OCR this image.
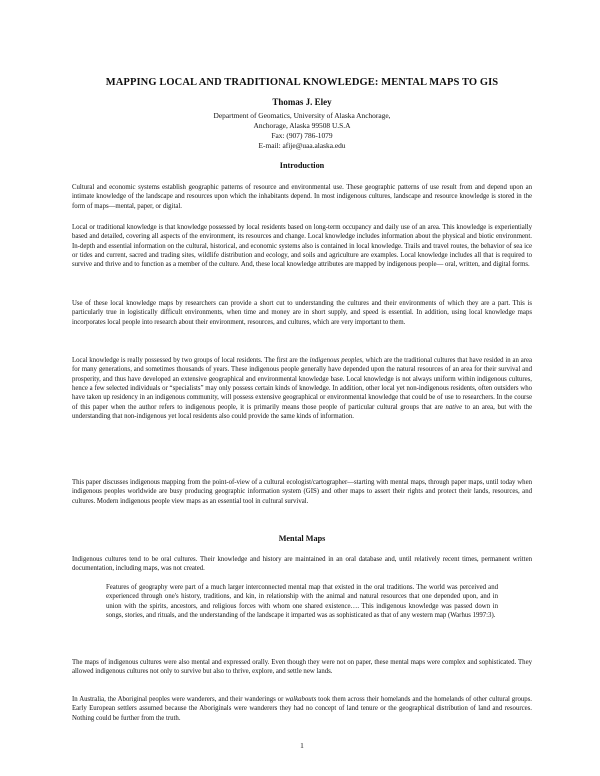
MAPPING LOCAL AND TRADITIONAL KNOWLEDGE: MENTAL MAPS TO GIS
Thomas J. Eley
Department of Geomatics, University of Alaska Anchorage,
Anchorage, Alaska 99508 U.S.A
Fax: (907) 786-1079
E-mail: afije@uaa.alaska.edu
Introduction
Cultural and economic systems establish geographic patterns of resource and environmental use. These geographic patterns of use result from and depend upon an intimate knowledge of the landscape and resources upon which the inhabitants depend. In most indigenous cultures, landscape and resource knowledge is stored in the form of maps—mental, paper, or digital.
Local or traditional knowledge is that knowledge possessed by local residents based on long-term occupancy and daily use of an area. This knowledge is experientially based and detailed, covering all aspects of the environment, its resources and change. Local knowledge includes information about the physical and biotic environment. In-depth and essential information on the cultural, historical, and economic systems also is contained in local knowledge. Trails and travel routes, the behavior of sea ice or tides and current, sacred and trading sites, wildlife distribution and ecology, and soils and agriculture are examples. Local knowledge includes all that is required to survive and thrive and to function as a member of the culture. And, these local knowledge attributes are mapped by indigenous people— oral, written, and digital forms.
Use of these local knowledge maps by researchers can provide a short cut to understanding the cultures and their environments of which they are a part. This is particularly true in logistically difficult environments, when time and money are in short supply, and speed is essential. In addition, using local knowledge maps incorporates local people into research about their environment, resources, and cultures, which are very important to them.
Local knowledge is really possessed by two groups of local residents. The first are the indigenous peoples, which are the traditional cultures that have resided in an area for many generations, and sometimes thousands of years. These indigenous people generally have depended upon the natural resources of an area for their survival and prosperity, and thus have developed an extensive geographical and environmental knowledge base. Local knowledge is not always uniform within indigenous cultures, hence a few selected individuals or “specialists” may only possess certain kinds of knowledge. In addition, other local yet non-indigenous residents, often outsiders who have taken up residency in an indigenous community, will possess extensive geographical or environmental knowledge that could be of use to researchers. In the course of this paper when the author refers to indigenous people, it is primarily means those people of particular cultural groups that are native to an area, but with the understanding that non-indigenous yet local residents also could provide the same kinds of information.
This paper discusses indigenous mapping from the point-of-view of a cultural ecologist/cartographer—starting with mental maps, through paper maps, until today when indigenous peoples worldwide are busy producing geographic information system (GIS) and other maps to assert their rights and protect their lands, resources, and cultures. Modern indigenous people view maps as an essential tool in cultural survival.
Mental Maps
Indigenous cultures tend to be oral cultures. Their knowledge and history are maintained in an oral database and, until relatively recent times, permanent written documentation, including maps, was not created.
Features of geography were part of a much larger interconnected mental map that existed in the oral traditions. The world was perceived and experienced through one's history, traditions, and kin, in relationship with the animal and natural resources that one depended upon, and in union with the spirits, ancestors, and religious forces with whom one shared existence…. This indigenous knowledge was passed down in songs, stories, and rituals, and the understanding of the landscape it imparted was as sophisticated as that of any western map (Warhus 1997:3).
The maps of indigenous cultures were also mental and expressed orally. Even though they were not on paper, these mental maps were complex and sophisticated. They allowed indigenous cultures not only to survive but also to thrive, explore, and settle new lands.
In Australia, the Aboriginal peoples were wanderers, and their wanderings or walkabouts took them across their homelands and the homelands of other cultural groups. Early European settlers assumed because the Aboriginals were wanderers they had no concept of land tenure or the geographical distribution of land and resources. Nothing could be further from the truth.
1
